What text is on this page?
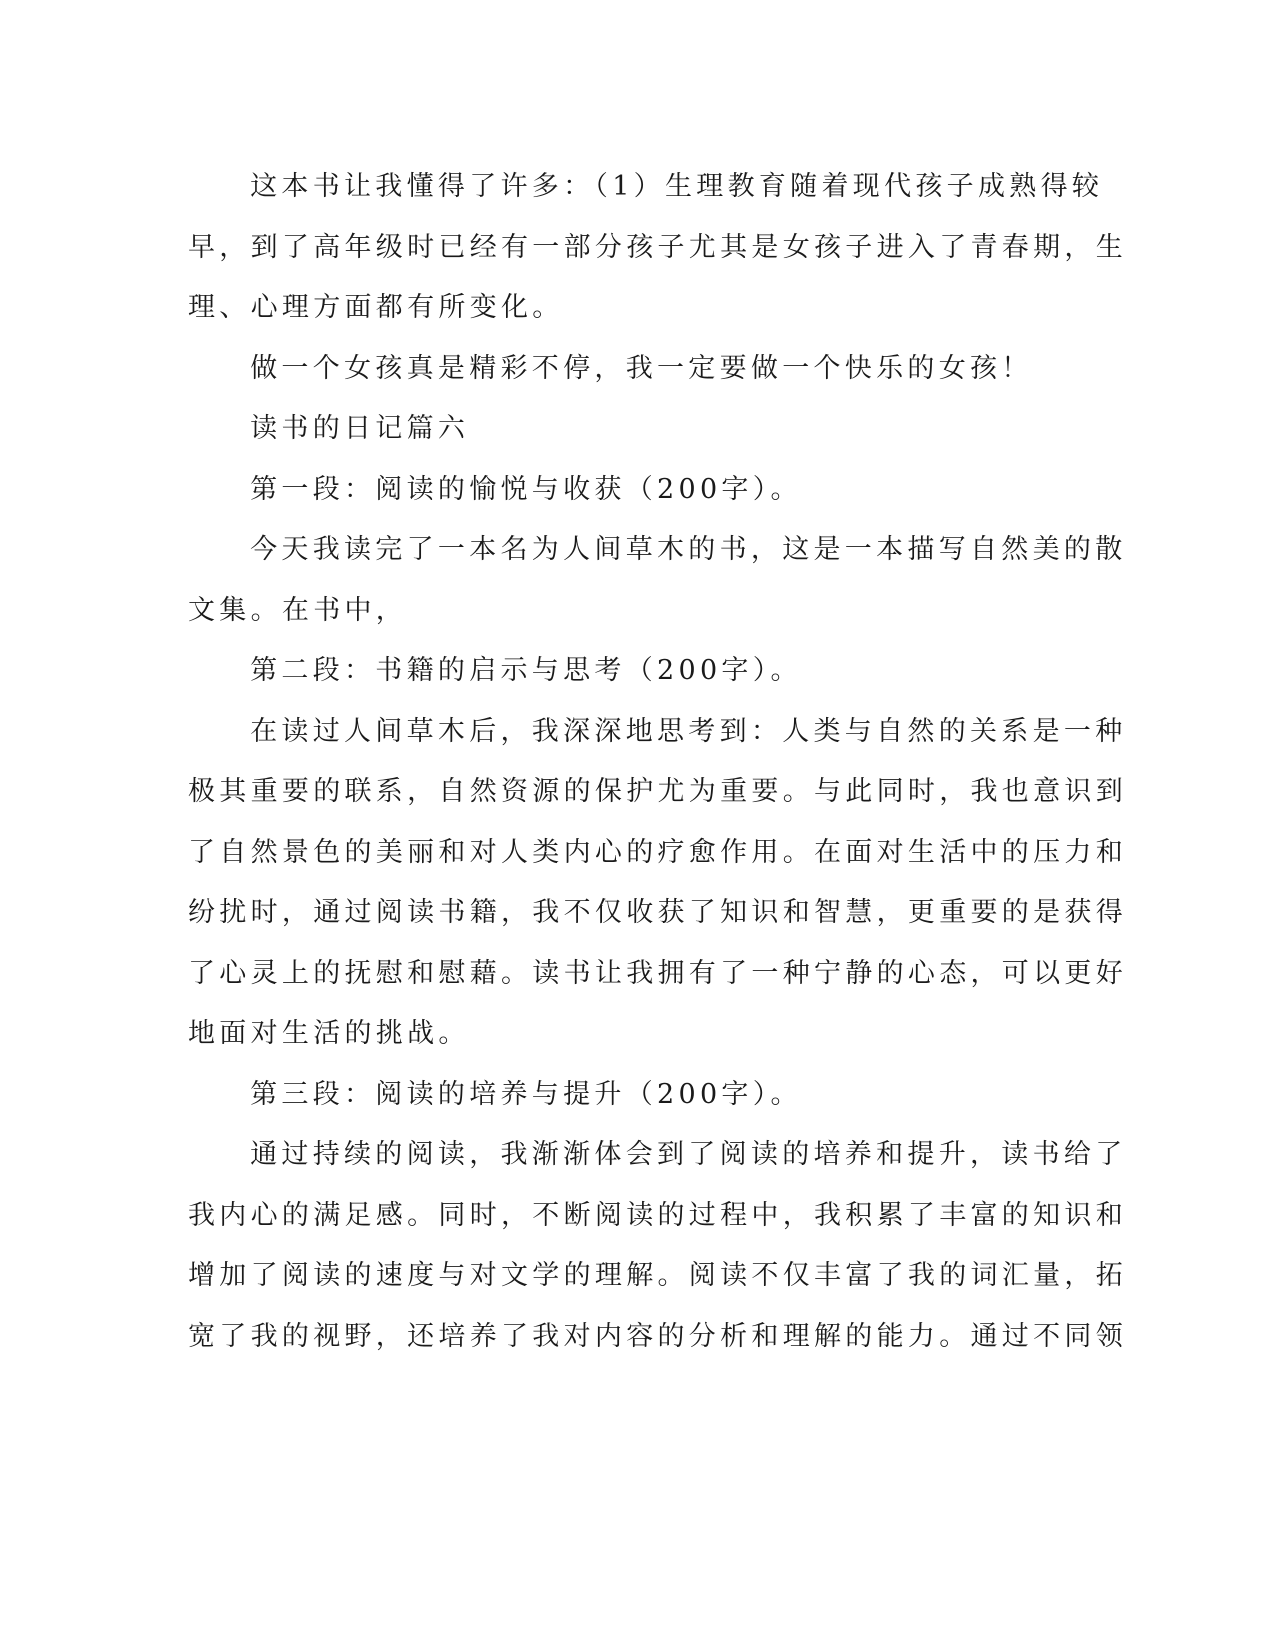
这本书让我懂得了许多：（1）生理教育随着现代孩子成熟得较
早，到了高年级时已经有一部分孩子尤其是女孩子进入了青春期，生
理、心理方面都有所变化。

做一个女孩真是精彩不停，我一定要做一个快乐的女孩！

读书的日记篇六

第一段：阅读的愉悦与收获（200字）。

今天我读完了一本名为人间草木的书，这是一本描写自然美的散
文集。在书中，

第二段：书籍的启示与思考（200字）。

在读过人间草木后，我深深地思考到：人类与自然的关系是一种
极其重要的联系，自然资源的保护尤为重要。与此同时，我也意识到
了自然景色的美丽和对人类内心的疗愈作用。在面对生活中的压力和
纷扰时，通过阅读书籍，我不仅收获了知识和智慧，更重要的是获得
了心灵上的抚慰和慰藉。读书让我拥有了一种宁静的心态，可以更好
地面对生活的挑战。

第三段：阅读的培养与提升（200字）。

通过持续的阅读，我渐渐体会到了阅读的培养和提升，读书给了
我内心的满足感。同时，不断阅读的过程中，我积累了丰富的知识和
增加了阅读的速度与对文学的理解。阅读不仅丰富了我的词汇量，拓
宽了我的视野，还培养了我对内容的分析和理解的能力。通过不同领
